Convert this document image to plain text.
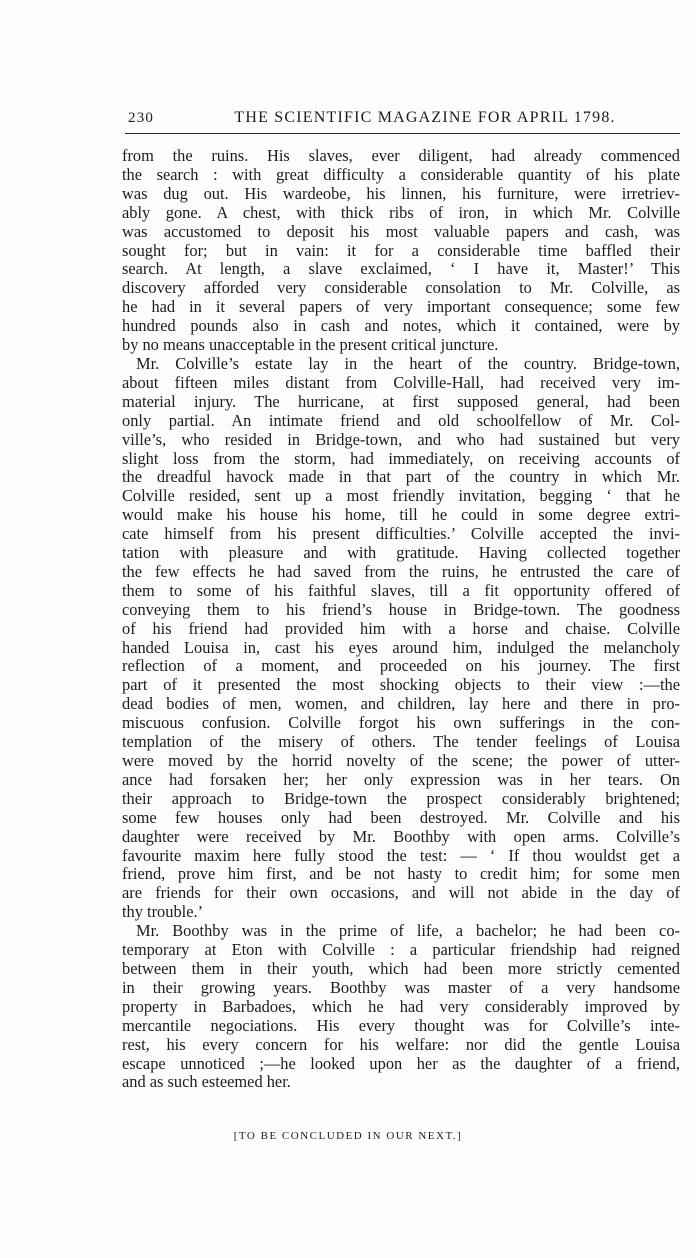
230	THE SCIENTIFIC MAGAZINE FOR APRIL 1798.
from the ruins. His slaves, ever diligent, had already commenced
the search : with great difficulty a considerable quantity of his plate
was dug out. His wardeobe, his linnen, his furniture, were irretriev-
ably gone. A chest, with thick ribs of iron, in which Mr. Colville
was accustomed to deposit his most valuable papers and cash, was
sought for; but in vain: it for a considerable time baffled their
search. At length, a slave exclaimed, ‘ I have it, Master!’ This
discovery afforded very considerable consolation to Mr. Colville, as
he had in it several papers of very important consequence; some few
hundred pounds also in cash and notes, which it contained, were by
by no means unacceptable in the present critical juncture.
Mr. Colville’s estate lay in the heart of the country. Bridge-town,
about fifteen miles distant from Colville-Hall, had received very im-
material injury. The hurricane, at first supposed general, had been
only partial. An intimate friend and old schoolfellow of Mr. Col-
ville’s, who resided in Bridge-town, and who had sustained but very
slight loss from the storm, had immediately, on receiving accounts of
the dreadful havock made in that part of the country in which Mr.
Colville resided, sent up a most friendly invitation, begging ‘ that he
would make his house his home, till he could in some degree extri-
cate himself from his present difficulties.’ Colville accepted the invi-
tation with pleasure and with gratitude. Having collected together
the few effects he had saved from the ruins, he entrusted the care of
them to some of his faithful slaves, till a fit opportunity offered of
conveying them to his friend’s house in Bridge-town. The goodness
of his friend had provided him with a horse and chaise. Colville
handed Louisa in, cast his eyes around him, indulged the melancholy
reflection of a moment, and proceeded on his journey. The first
part of it presented the most shocking objects to their view :—the
dead bodies of men, women, and children, lay here and there in pro-
miscuous confusion. Colville forgot his own sufferings in the con-
templation of the misery of others. The tender feelings of Louisa
were moved by the horrid novelty of the scene; the power of utter-
ance had forsaken her; her only expression was in her tears. On
their approach to Bridge-town the prospect considerably brightened;
some few houses only had been destroyed. Mr. Colville and his
daughter were received by Mr. Boothby with open arms. Colville’s
favourite maxim here fully stood the test: — ‘ If thou wouldst get a
friend, prove him first, and be not hasty to credit him; for some men
are friends for their own occasions, and will not abide in the day of
thy trouble.’
Mr. Boothby was in the prime of life, a bachelor; he had been co-
temporary at Eton with Colville : a particular friendship had reigned
between them in their youth, which had been more strictly cemented
in their growing years. Boothby was master of a very handsome
property in Barbadoes, which he had very considerably improved by
mercantile negociations. His every thought was for Colville’s inte-
rest, his every concern for his welfare: nor did the gentle Louisa
escape unnoticed ;—he looked upon her as the daughter of a friend,
and as such esteemed her.
[TO BE CONCLUDED IN OUR NEXT.]
